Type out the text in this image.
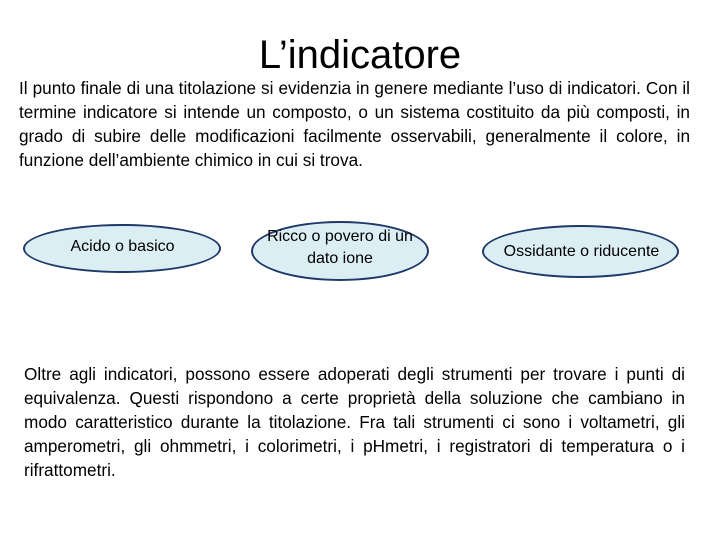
L’indicatore

Il punto finale di una titolazione si evidenzia in genere mediante l’uso di indicatori. Con il termine indicatore si intende un composto, o un sistema costituito da più composti, in grado di subire delle modificazioni facilmente osservabili, generalmente il colore, in funzione dell’ambiente chimico in cui si trova.

Acido o basico
Ricco o povero di un dato ione	Ossidante o riducente

Oltre agli indicatori, possono essere adoperati degli strumenti per trovare i punti di equivalenza. Questi rispondono a certe proprietà della soluzione che cambiano in modo caratteristico durante la titolazione. Fra tali strumenti ci sono i voltametri, gli amperometri, gli ohmmetri, i colorimetri, i pHmetri, i registratori di temperatura o i rifrattometri.
